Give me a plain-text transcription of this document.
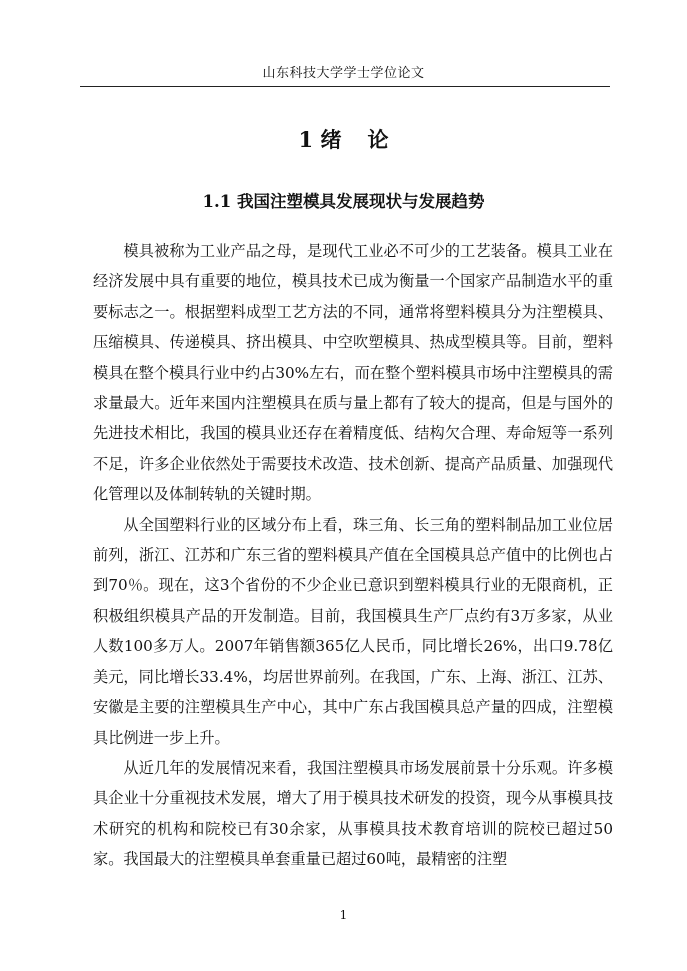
山东科技大学学士学位论文
1 绪 论
1.1 我国注塑模具发展现状与发展趋势

模具被称为工业产品之母，是现代工业必不可少的工艺装备。模具工业在经济发展中具有重要的地位，模具技术已成为衡量一个国家产品制造水平的重要标志之一。根据塑料成型工艺方法的不同，通常将塑料模具分为注塑模具、压缩模具、传递模具、挤出模具、中空吹塑模具、热成型模具等。目前，塑料模具在整个模具行业中约占30%左右，而在整个塑料模具市场中注塑模具的需求量最大。近年来国内注塑模具在质与量上都有了较大的提高，但是与国外的先进技术相比，我国的模具业还存在着精度低、结构欠合理、寿命短等一系列不足，许多企业依然处于需要技术改造、技术创新、提高产品质量、加强现代化管理以及体制转轨的关键时期。

从全国塑料行业的区域分布上看，珠三角、长三角的塑料制品加工业位居前列，浙江、江苏和广东三省的塑料模具产值在全国模具总产值中的比例也占到70％。现在，这3个省份的不少企业已意识到塑料模具行业的无限商机，正积极组织模具产品的开发制造。目前，我国模具生产厂点约有3万多家，从业人数100多万人。2007年销售额365亿人民币，同比增长26%，出口9.78亿美元，同比增长33.4%，均居世界前列。在我国，广东、上海、浙江、江苏、安徽是主要的注塑模具生产中心，其中广东占我国模具总产量的四成，注塑模具比例进一步上升。

从近几年的发展情况来看，我国注塑模具市场发展前景十分乐观。许多模具企业十分重视技术发展，增大了用于模具技术研发的投资，现今从事模具技术研究的机构和院校已有30余家，从事模具技术教育培训的院校已超过50家。我国最大的注塑模具单套重量已超过60吨，最精密的注塑

1
